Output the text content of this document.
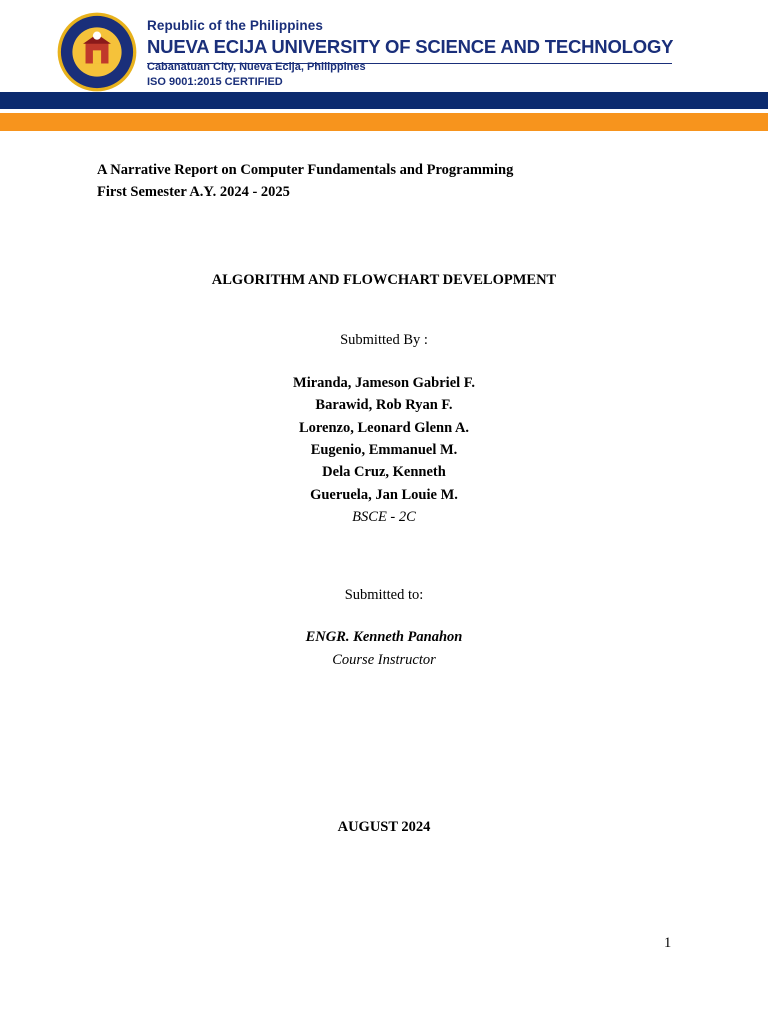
Republic of the Philippines
NUEVA ECIJA UNIVERSITY OF SCIENCE AND TECHNOLOGY
Cabanatuan City, Nueva Ecija, Philippines
ISO 9001:2015 CERTIFIED
A Narrative Report on Computer Fundamentals and Programming
First Semester A.Y. 2024 - 2025
ALGORITHM AND FLOWCHART DEVELOPMENT
Submitted By :
Miranda, Jameson Gabriel F.
Barawid, Rob Ryan F.
Lorenzo, Leonard Glenn A.
Eugenio, Emmanuel M.
Dela Cruz, Kenneth
Gueruela, Jan Louie M.
BSCE - 2C
Submitted to:
ENGR. Kenneth Panahon
Course Instructor
AUGUST 2024
1
